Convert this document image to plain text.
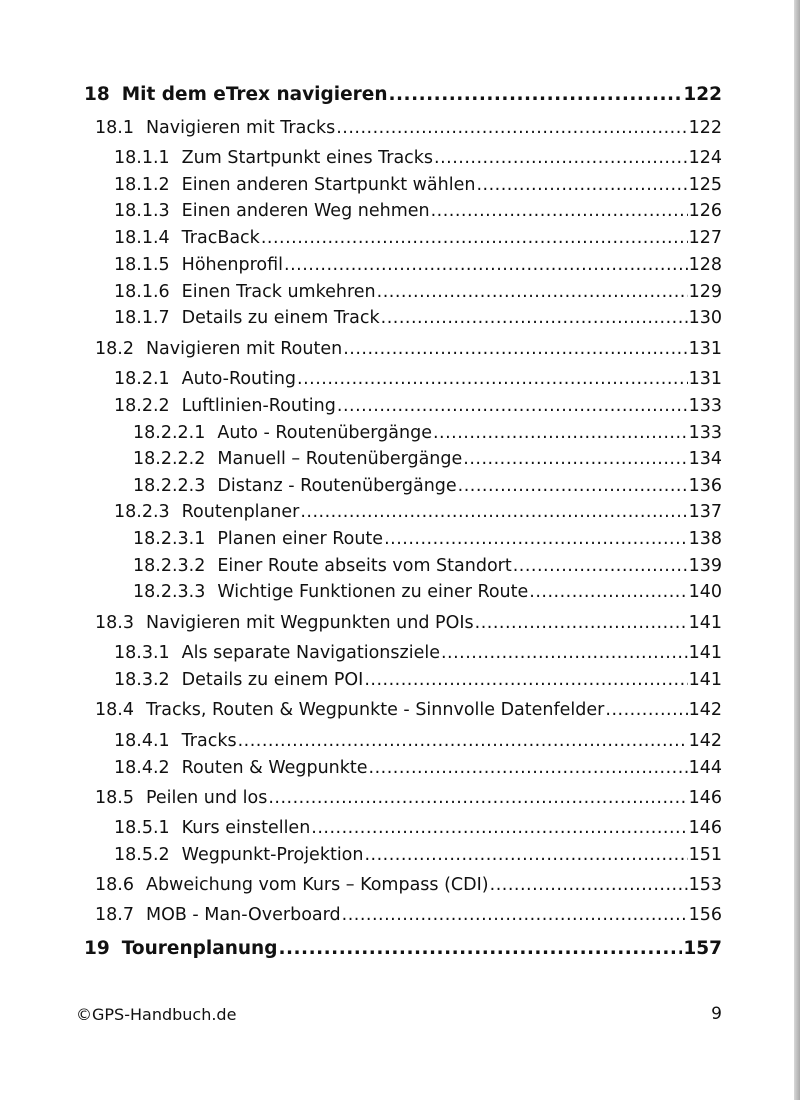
18 Mit dem eTrex navigieren .....	122
18.1 Navigieren mit Tracks .....	122
18.1.1 Zum Startpunkt eines Tracks .....	124
18.1.2 Einen anderen Startpunkt wählen .....	125
18.1.3 Einen anderen Weg nehmen .....	126
18.1.4 TracBack .....	127
18.1.5 Höhenprofil .....	128
18.1.6 Einen Track umkehren .....	129
18.1.7 Details zu einem Track .....	130
18.2 Navigieren mit Routen .....	131
18.2.1 Auto-Routing .....	131
18.2.2 Luftlinien-Routing .....	133
18.2.2.1 Auto - Routenübergänge .....	133
18.2.2.2 Manuell – Routenübergänge .....	134
18.2.2.3 Distanz - Routenübergänge .....	136
18.2.3 Routenplaner .....	137
18.2.3.1 Planen einer Route .....	138
18.2.3.2 Einer Route abseits vom Standort .....	139
18.2.3.3 Wichtige Funktionen zu einer Route .....	140
18.3 Navigieren mit Wegpunkten und POIs .....	141
18.3.1 Als separate Navigationsziele .....	141
18.3.2 Details zu einem POI .....	141
18.4 Tracks, Routen & Wegpunkte - Sinnvolle Datenfelder .....	142
18.4.1 Tracks .....	142
18.4.2 Routen & Wegpunkte .....	144
18.5 Peilen und los .....	146
18.5.1 Kurs einstellen .....	146
18.5.2 Wegpunkt-Projektion .....	151
18.6 Abweichung vom Kurs – Kompass (CDI) .....	153
18.7 MOB - Man-Overboard .....	156
19 Tourenplanung .....	157
©GPS-Handbuch.de	9
